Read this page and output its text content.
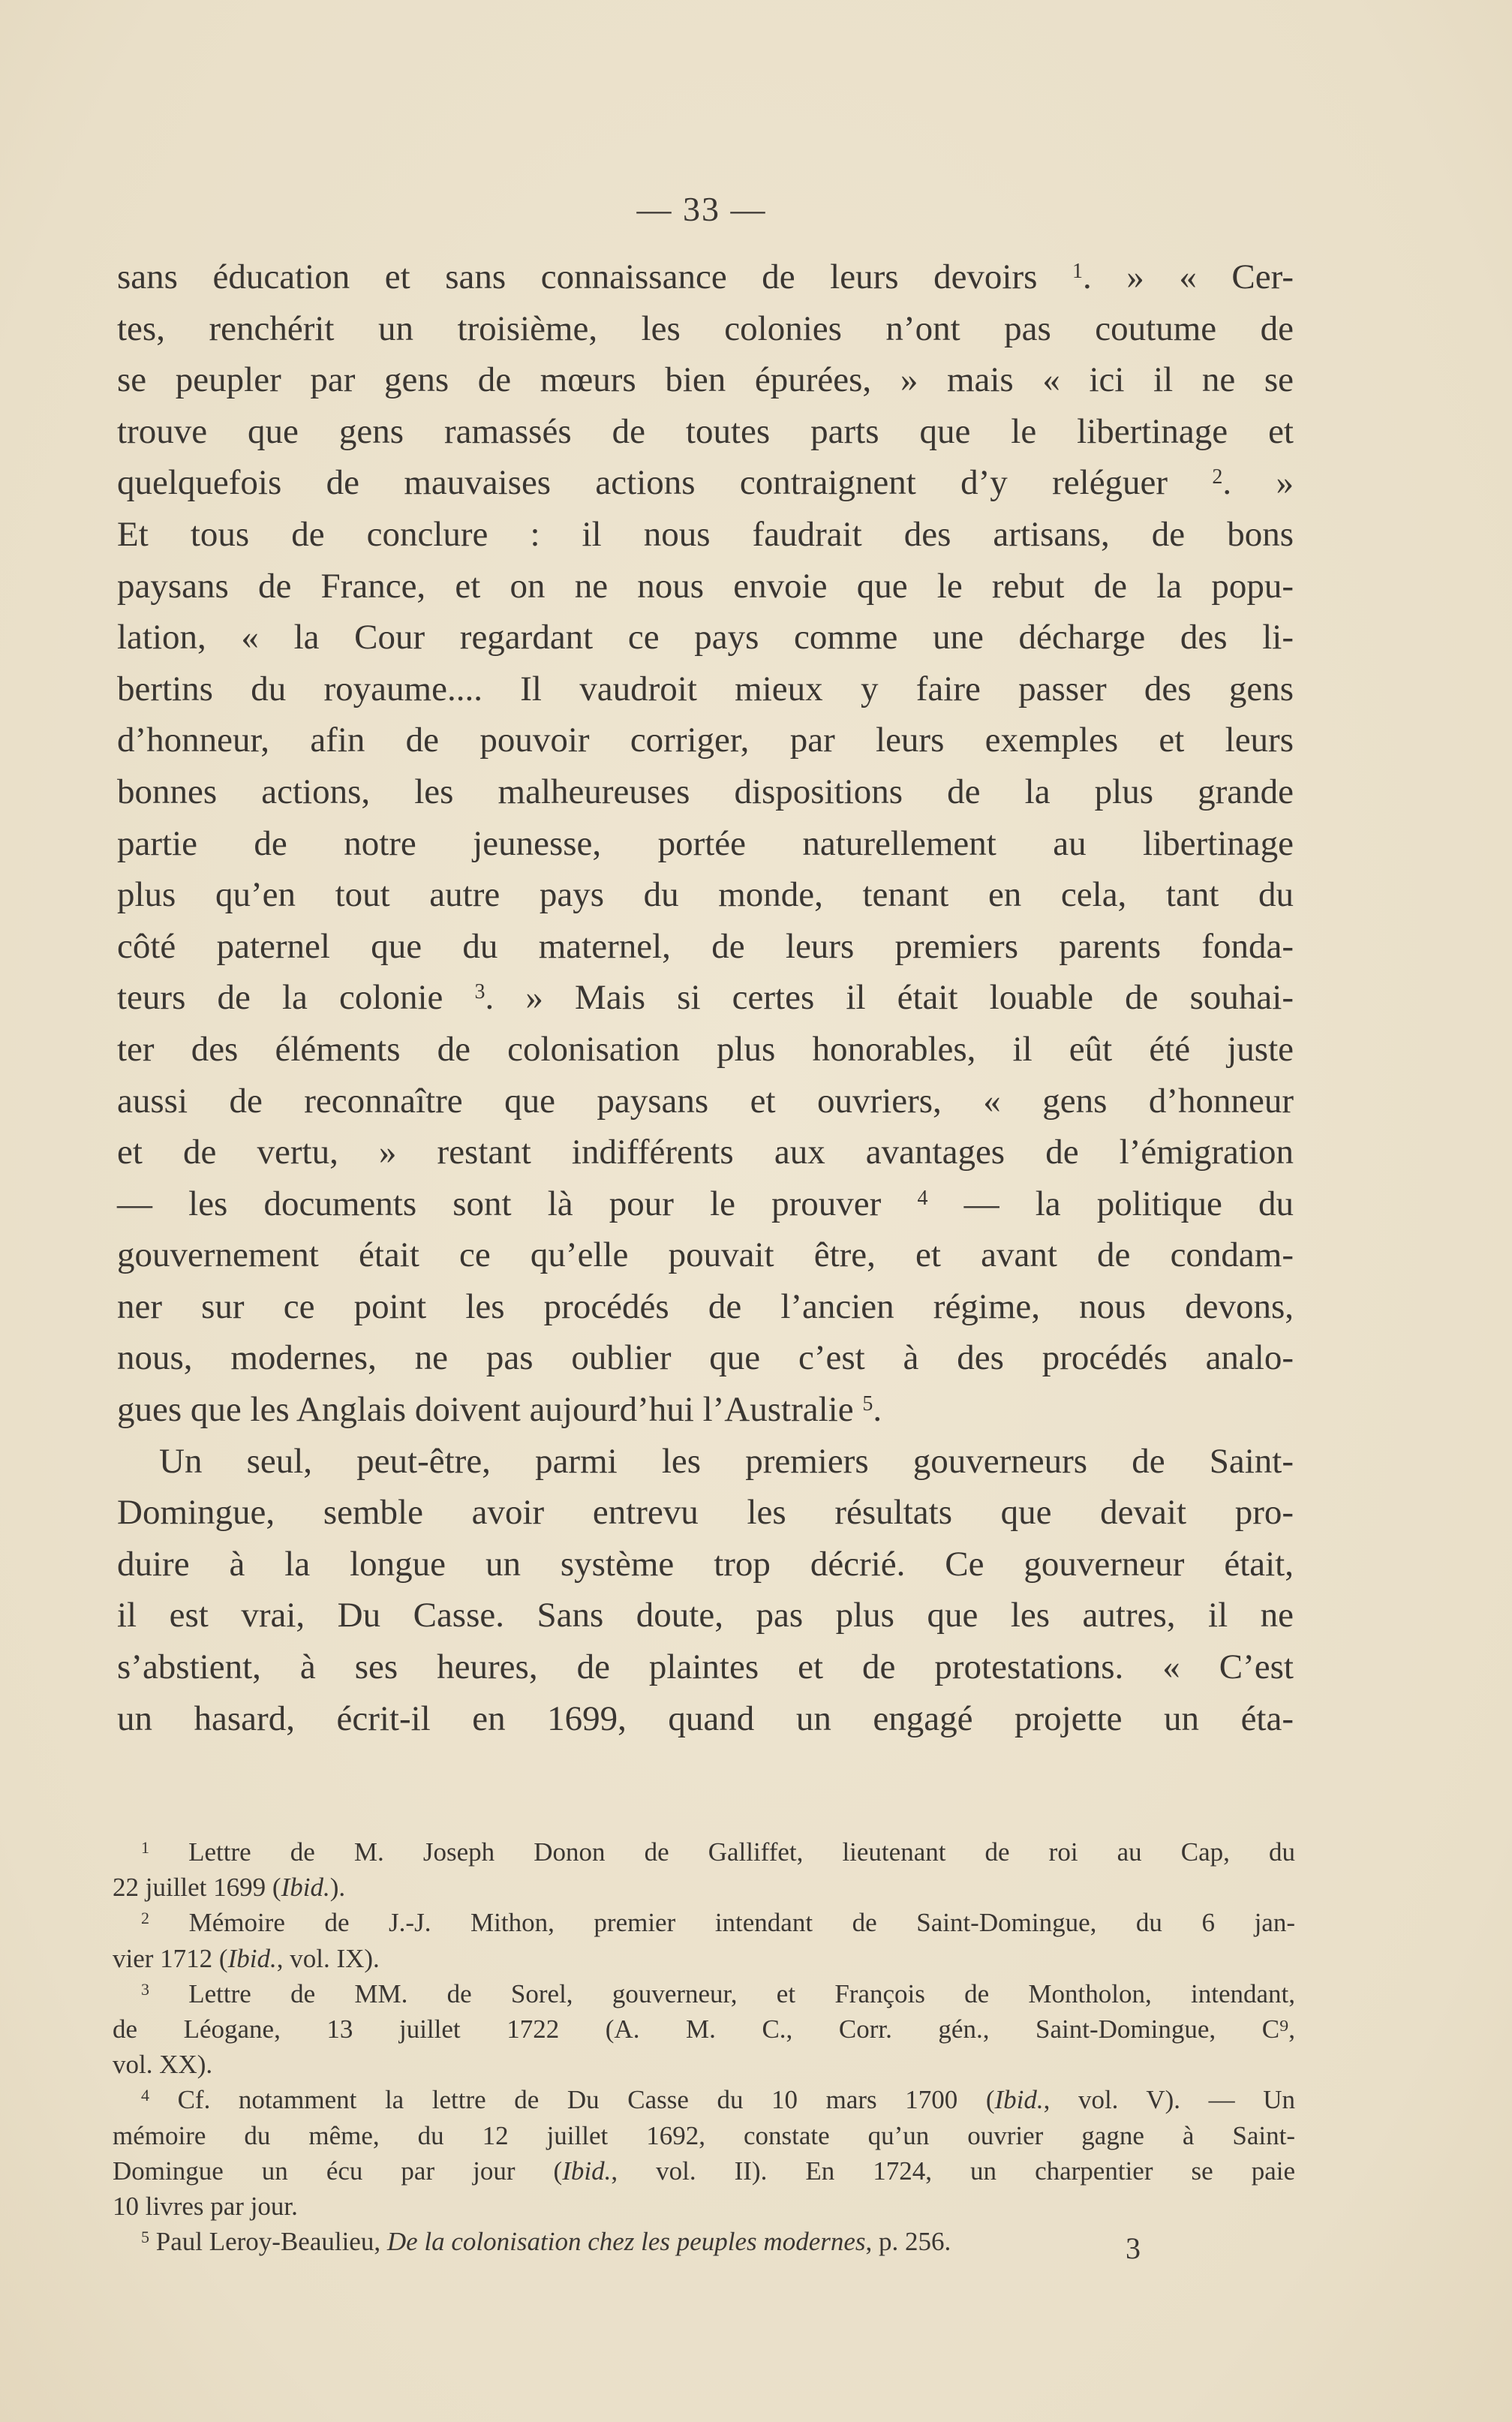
— 33 —
sans éducation et sans connaissance de leurs devoirs $^1$. » « Cer-
tes, renchérit un troisième, les colonies n’ont pas coutume de
se peupler par gens de mœurs bien épurées, » mais « ici il ne se
trouve que gens ramassés de toutes parts que le libertinage et
quelquefois de mauvaises actions contraignent d’y reléguer $^2$. »
Et tous de conclure : il nous faudrait des artisans, de bons
paysans de France, et on ne nous envoie que le rebut de la popu-
lation, « la Cour regardant ce pays comme une décharge des li-
bertins du royaume.... Il vaudroit mieux y faire passer des gens
d’honneur, afin de pouvoir corriger, par leurs exemples et leurs
bonnes actions, les malheureuses dispositions de la plus grande
partie de notre jeunesse, portée naturellement au libertinage
plus qu’en tout autre pays du monde, tenant en cela, tant du
côté paternel que du maternel, de leurs premiers parents fonda-
teurs de la colonie $^3$. » Mais si certes il était louable de souhai-
ter des éléments de colonisation plus honorables, il eût été juste
aussi de reconnaître que paysans et ouvriers, « gens d’honneur
et de vertu, » restant indifférents aux avantages de l’émigration
— les documents sont là pour le prouver $^4$ — la politique du
gouvernement était ce qu’elle pouvait être, et avant de condam-
ner sur ce point les procédés de l’ancien régime, nous devons,
nous, modernes, ne pas oublier que c’est à des procédés analo-
gues que les Anglais doivent aujourd’hui l’Australie $^5$.
Un seul, peut-être, parmi les premiers gouverneurs de Saint-
Domingue, semble avoir entrevu les résultats que devait pro-
duire à la longue un système trop décrié. Ce gouverneur était,
il est vrai, Du Casse. Sans doute, pas plus que les autres, il ne
s’abstient, à ses heures, de plaintes et de protestations. « C’est
un hasard, écrit-il en 1699, quand un engagé projette un éta-
$^1$ Lettre de M. Joseph Donon de Galliffet, lieutenant de roi au Cap, du
22 juillet 1699 (Ibid.).
$^2$ Mémoire de J.-J. Mithon, premier intendant de Saint-Domingue, du 6 jan-
vier 1712 (Ibid., vol. IX).
$^3$ Lettre de MM. de Sorel, gouverneur, et François de Montholon, intendant,
de Léogane, 13 juillet 1722 (A. M. C., Corr. gén., Saint-Domingue, C⁹,
vol. XX).
$^4$ Cf. notamment la lettre de Du Casse du 10 mars 1700 (Ibid., vol. V). — Un
mémoire du même, du 12 juillet 1692, constate qu’un ouvrier gagne à Saint-
Domingue un écu par jour (Ibid., vol. II). En 1724, un charpentier se paie
10 livres par jour.
$^5$ Paul Leroy-Beaulieu, De la colonisation chez les peuples modernes, p. 256.	3
